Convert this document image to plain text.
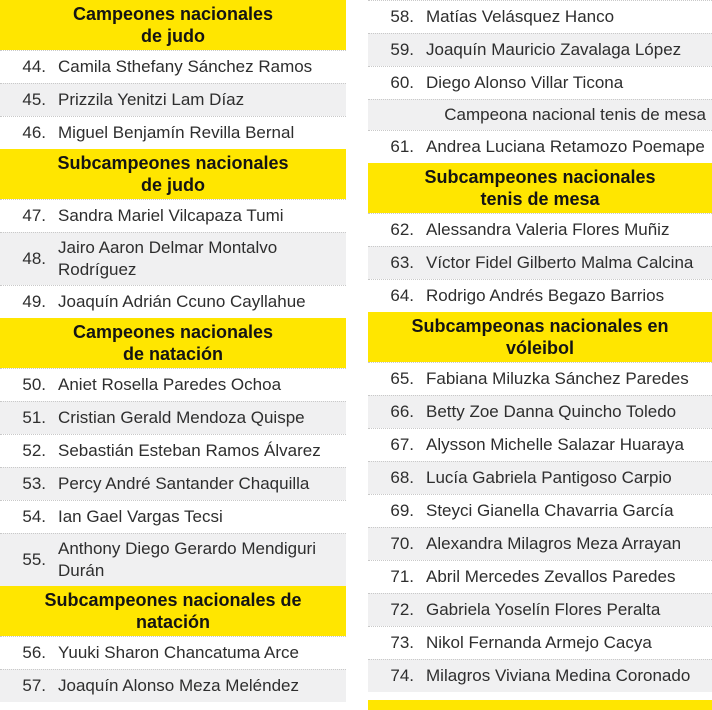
Campeones nacionales
de judo
44. Camila Sthefany Sánchez Ramos
45. Prizzila Yenitzi Lam Díaz
46. Miguel Benjamín Revilla Bernal
Subcampeones nacionales
de judo
47. Sandra Mariel Vilcapaza Tumi
48.
Jairo Aaron Delmar Montalvo Rodríguez
49. Joaquín Adrián Ccuno Cayllahue
Campeones nacionales
de natación
50. Aniet Rosella Paredes Ochoa
51. Cristian Gerald Mendoza Quispe
52. Sebastián Esteban Ramos Álvarez
53. Percy André Santander Chaquilla
54. Ian Gael Vargas Tecsi
55.
Anthony Diego Gerardo Mendiguri Durán
Subcampeones nacionales de
natación
56. Yuuki Sharon Chancatuma Arce
57. Joaquín Alonso Meza Meléndez
58. Matías Velásquez Hanco
59. Joaquín Mauricio Zavalaga López
60. Diego Alonso Villar Ticona
Campeona nacional tenis de mesa
61. Andrea Luciana Retamozo Poemape
Subcampeones nacionales
tenis de mesa
62. Alessandra Valeria Flores Muñiz
63. Víctor Fidel Gilberto Malma Calcina
64. Rodrigo Andrés Begazo Barrios
Subcampeonas nacionales en
vóleibol
65. Fabiana Miluzka Sánchez Paredes
66. Betty Zoe Danna Quincho Toledo
67. Alysson Michelle Salazar Huaraya
68. Lucía Gabriela Pantigoso Carpio
69. Steyci Gianella Chavarria García
70. Alexandra Milagros Meza Arrayan
71. Abril Mercedes Zevallos Paredes
72. Gabriela Yoselín Flores Peralta
73. Nikol Fernanda Armejo Cacya
74. Milagros Viviana Medina Coronado
